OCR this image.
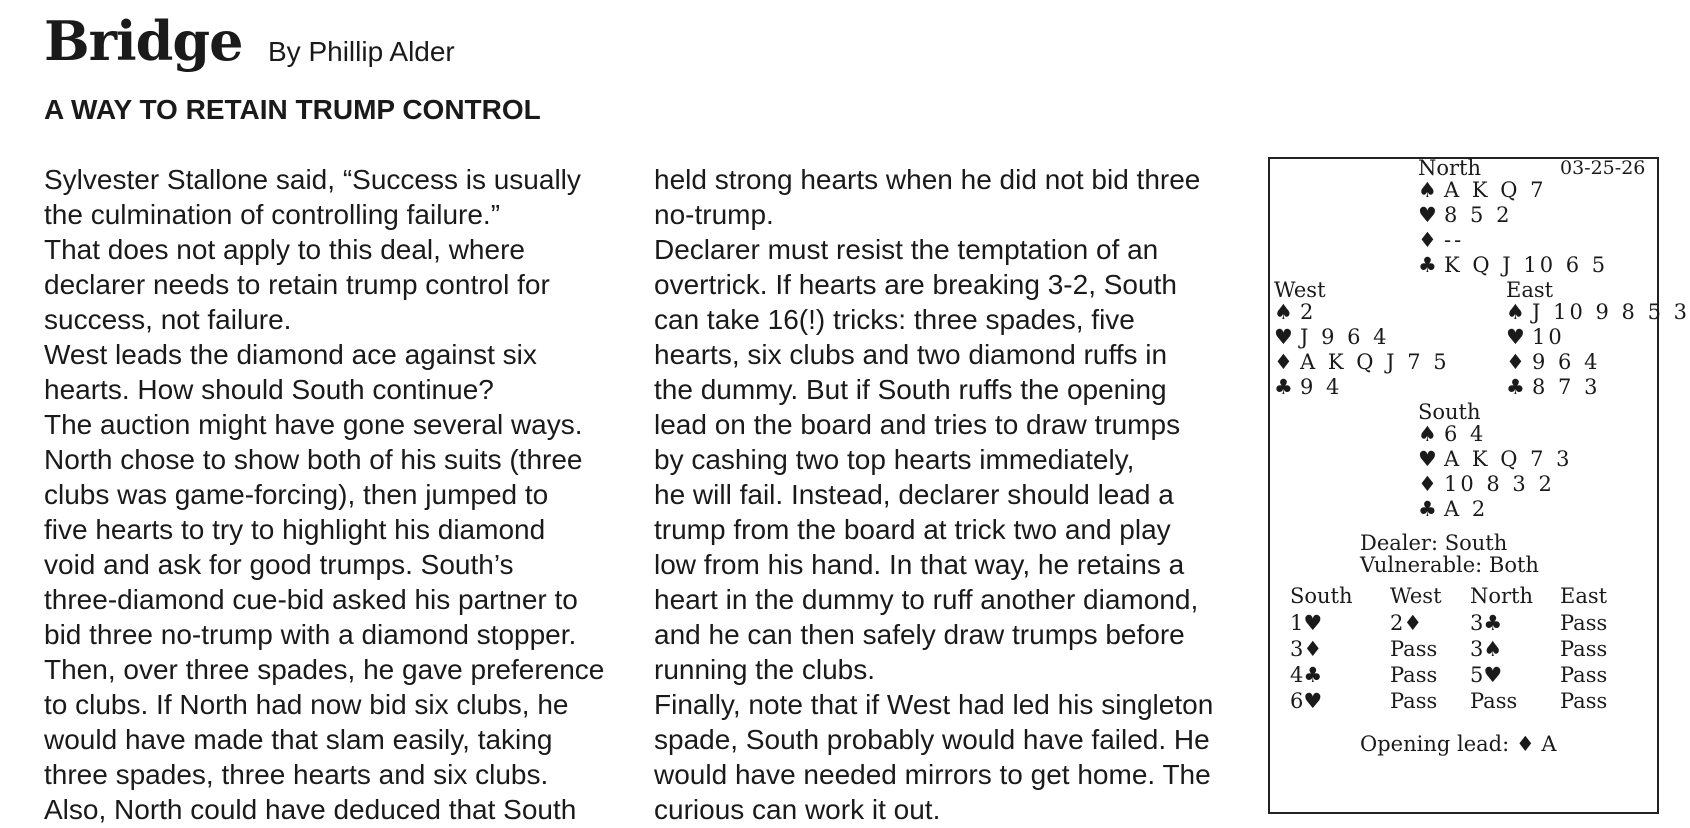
Bridge By Phillip Alder
A WAY TO RETAIN TRUMP CONTROL

Sylvester Stallone said, “Success is usually

the culmination of controlling failure.”

That does not apply to this deal, where

declarer needs to retain trump control for

success, not failure.

West leads the diamond ace against six

hearts. How should South continue?

The auction might have gone several ways.

North chose to show both of his suits (three

clubs was game-forcing), then jumped to

five hearts to try to highlight his diamond

void and ask for good trumps. South’s

three-diamond cue-bid asked his partner to

bid three no-trump with a diamond stopper.

Then, over three spades, he gave preference

to clubs. If North had now bid six clubs, he

would have made that slam easily, taking

three spades, three hearts and six clubs.

Also, North could have deduced that South

held strong hearts when he did not bid three

no-trump.

Declarer must resist the temptation of an

overtrick. If hearts are breaking 3-2, South

can take 16(!) tricks: three spades, five

hearts, six clubs and two diamond ruffs in

the dummy. But if South ruffs the opening

lead on the board and tries to draw trumps

by cashing two top hearts immediately,

he will fail. Instead, declarer should lead a

trump from the board at trick two and play

low from his hand. In that way, he retains a

heart in the dummy to ruff another diamond,

and he can then safely draw trumps before

running the clubs.

Finally, note that if West had led his singleton

spade, South probably would have failed. He

would have needed mirrors to get home. The

curious can work it out.

North	03-25-26
♠ A K Q 7
♥ 8 5 2
♦ --
♣ K Q J 10 6 5
West
♠ 2
♥ J 9 6 4
♦ A K Q J 7 5
♣ 9 4
East
♠ J 10 9 8 5 3
♥ 10
♦ 9 6 4
♣ 8 7 3
South
♠ 6 4
♥ A K Q 7 3
♦ 10 8 3 2
♣ A 2
Dealer: South
Vulnerable: Both
South West North East
1♥	2♦ 3♣	Pass
3♦	Pass 3♠	Pass
4♣	Pass 5♥	Pass
6♥	Pass Pass Pass
Opening lead: ♦ A
